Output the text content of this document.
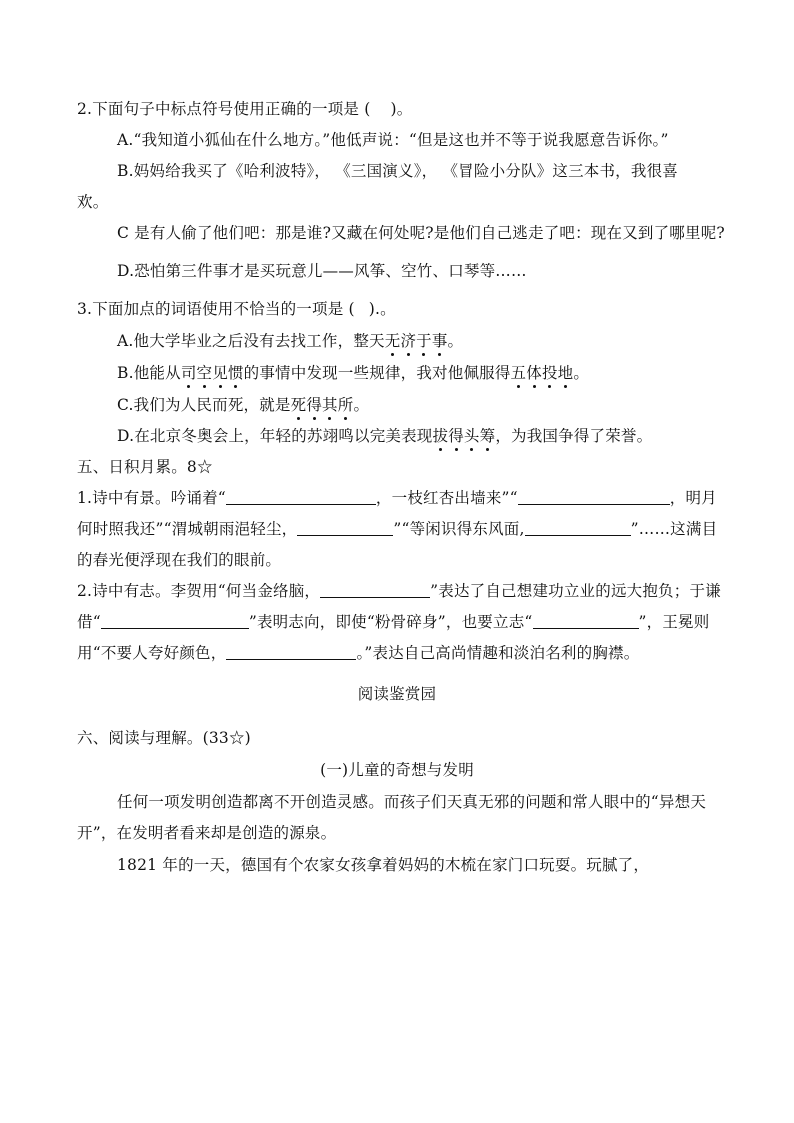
2.下面句子中标点符号使用正确的一项是 ( )。
A.“我知道小狐仙在什么地方。”他低声说：“但是这也并不等于说我愿意告诉你。”
B.妈妈给我买了《哈利波特》， 《三国演义》， 《冒险小分队》这三本书，我很喜
欢。
C 是有人偷了他们吧：那是谁?又藏在何处呢?是他们自己逃走了吧：现在又到了哪里呢?
D.恐怕第三件事才是买玩意儿——风筝、空竹、口琴等……
3.下面加点的词语使用不恰当的一项是 ( ).。
A.他大学毕业之后没有去找工作，整天无济于事。
B.他能从司空见惯的事情中发现一些规律，我对他佩服得五体投地。
C.我们为人民而死，就是死得其所。
D.在北京冬奥会上，年轻的苏翊鸣以完美表现拔得头筹，为我国争得了荣誉。
五、日积月累。8☆
1.诗中有景。吟诵着“	，一枝红杏出墙来”“	，明月
何时照我还”“渭城朝雨浥轻尘，	”“等闲识得东风面,	”……这满目
的春光便浮现在我们的眼前。
2.诗中有志。李贺用“何当金络脑，	”表达了自己想建功立业的远大抱负；于谦
借“	”表明志向，即使“粉骨碎身”，也要立志“	”，王冕则
用“不要人夸好颜色，	。”表达自己高尚情趣和淡泊名利的胸襟。
阅读鉴赏园
六、阅读与理解。(33☆)
(一)儿童的奇想与发明
任何一项发明创造都离不开创造灵感。而孩子们天真无邪的问题和常人眼中的“异想天
开”，在发明者看来却是创造的源泉。
1821 年的一天，德国有个农家女孩拿着妈妈的木梳在家门口玩耍。玩腻了，
